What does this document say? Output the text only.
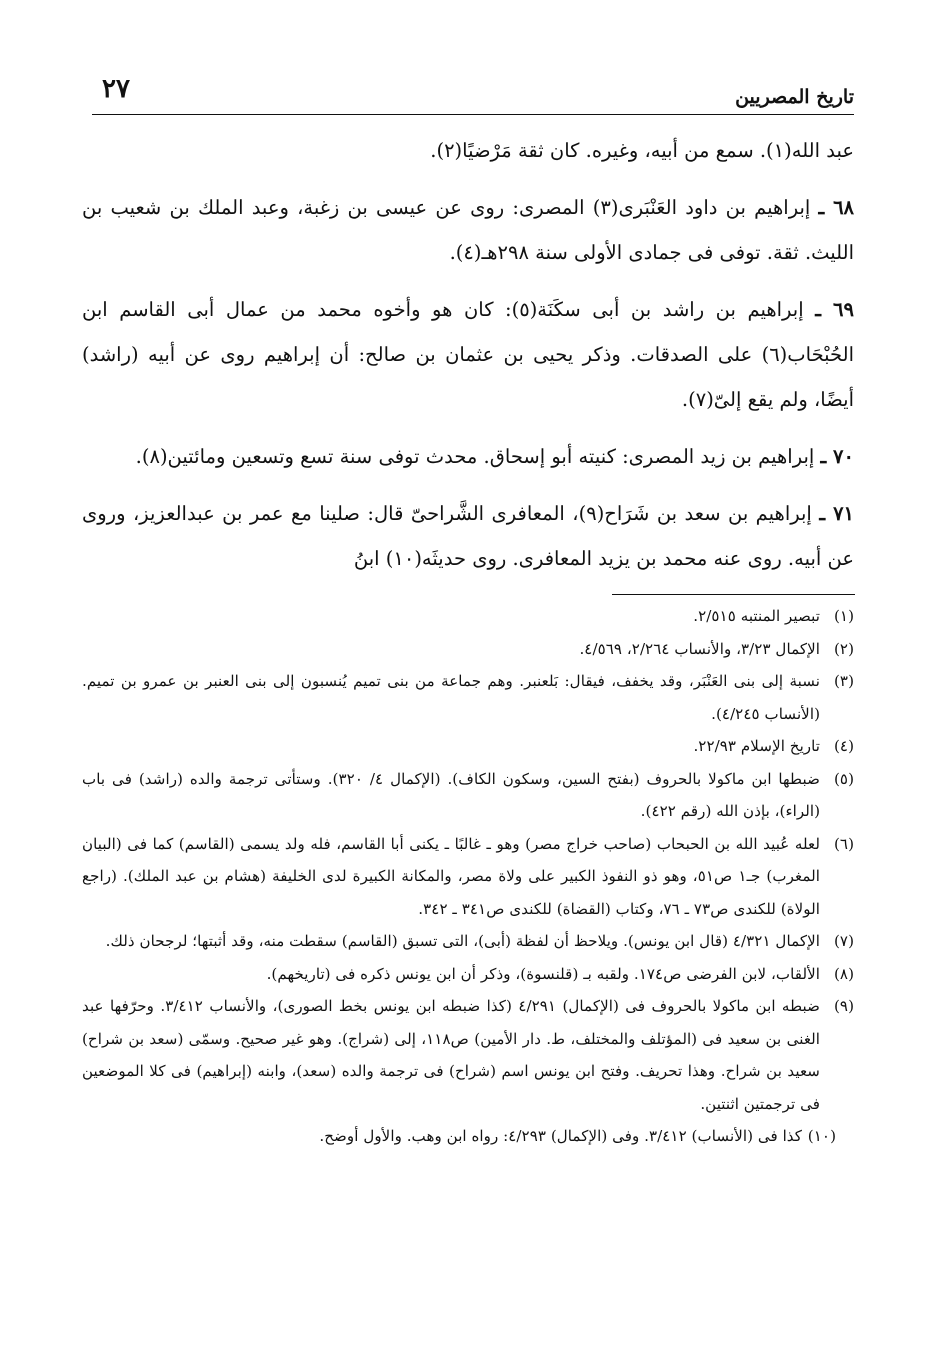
تاريخ المصريين
٢٧

عبد الله(١). سمع من أبيه، وغيره. كان ثقة مَرْضيًا(٢).

٦٨ ـ إبراهيم بن داود العَنْبَرى(٣) المصرى: روى عن عيسى بن زغبة، وعبد الملك بن شعيب بن الليث. ثقة. توفى فى جمادى الأولى سنة ٢٩٨هـ(٤).

٦٩ ـ إبراهيم بن راشد بن أبى سكَنَة(٥): كان هو وأخوه محمد من عمال أبى القاسم ابن الحُبْحَاب(٦) على الصدقات. وذكر يحيى بن عثمان بن صالح: أن إبراهيم روى عن أبيه (راشد) أيضًا، ولم يقع إلىّ(٧).

٧٠ ـ إبراهيم بن زيد المصرى: كنيته أبو إسحاق. محدث توفى سنة تسع وتسعين ومائتين(٨).

٧١ ـ إبراهيم بن سعد بن شَرَاح(٩)، المعافرى الشَّراحىّ قال: صلينا مع عمر بن عبدالعزيز، وروى عن أبيه. روى عنه محمد بن يزيد المعافرى. روى حديثَه(١٠) ابنُ

(١)تبصير المنتبه ٢/٥١٥.

(٢)الإكمال ٣/٢٣، والأنساب ٢/٢٦٤، ٤/٥٦٩.

(٣)نسبة إلى بنى العَنْبَر، وقد يخفف، فيقال: بَلعنبر. وهم جماعة من بنى تميم يُنسبون إلى بنى العنبر بن عمرو بن تميم. (الأنساب ٤/٢٤٥).

(٤)تاريخ الإسلام ٢٢/٩٣.

(٥)ضبطها ابن ماكولا بالحروف (بفتح السين، وسكون الكاف). (الإكمال ٤/ ٣٢٠). وستأتى ترجمة والده (راشد) فى باب (الراء)، بإذن الله (رقم ٤٢٢).

(٦)لعله عُبيد الله بن الحبحاب (صاحب خراج مصر) وهو ـ غالبًا ـ يكنى أبا القاسم، فله ولد يسمى (القاسم) كما فى (البيان المغرب) جـ١ ص٥١، وهو ذو النفوذ الكبير على ولاة مصر، والمكانة الكبيرة لدى الخليفة (هشام بن عبد الملك). (راجع الولاة) للكندى ص٧٣ ـ ٧٦، وكتاب (القضاة) للكندى ص٣٤١ ـ ٣٤٢.

(٧)الإكمال ٤/٣٢١ (قال ابن يونس). ويلاحظ أن لفظة (أبى)، التى تسبق (القاسم) سقطت منه، وقد أثبتها؛ لرجحان ذلك.

(٨)الألقاب، لابن الفرضى ص١٧٤. ولقبه بـ (قلنسوة)، وذكر أن ابن يونس ذكره فى (تاريخهم).

(٩)ضبطه ابن ماكولا بالحروف فى (الإكمال) ٤/٢٩١ (كذا ضبطه ابن يونس بخط الصورى)، والأنساب ٣/٤١٢. وحرّفها عبد الغنى بن سعيد فى (المؤتلف والمختلف، ط. دار الأمين) ص١١٨، إلى (شراج). وهو غير صحيح. وسمّى (سعد بن شراح) سعيد بن شراح. وهذا تحريف. وفتح ابن يونس اسم (شراح) فى ترجمة والده (سعد)، وابنه (إبراهيم) فى كلا الموضعين فى ترجمتين اثنتين.

(١٠)كذا فى (الأنساب) ٣/٤١٢. وفى (الإكمال) ٤/٢٩٣: رواه ابن وهب. والأول أوضح.
